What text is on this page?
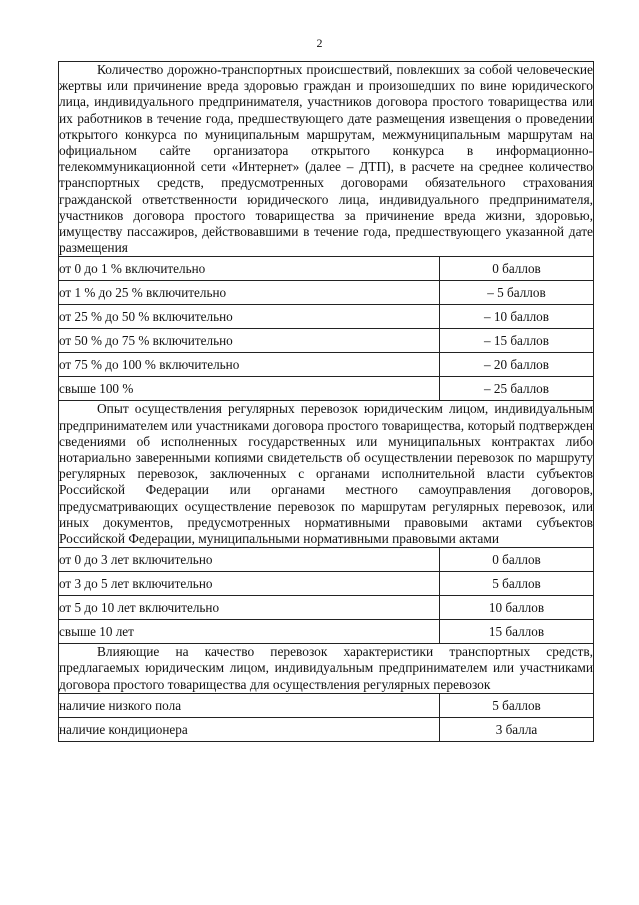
2
Количество дорожно-транспортных происшествий, повлекших за собой человеческие жертвы или причинение вреда здоровью граждан и произошедших по вине юридического лица, индивидуального предпринимателя, участников договора простого товарищества или их работников в течение года, предшествующего дате размещения извещения о проведении открытого конкурса по муниципальным маршрутам, межмуниципальным маршрутам на официальном сайте организатора открытого конкурса в информационно-телекоммуникационной сети «Интернет» (далее – ДТП), в расчете на среднее количество транспортных средств, предусмотренных договорами обязательного страхования гражданской ответственности юридического лица, индивидуального предпринимателя, участников договора простого товарищества за причинение вреда жизни, здоровью, имуществу пассажиров, действовавшими в течение года, предшествующего указанной дате размещения	
от 0 до 1 % включительно	0 баллов
от 1 % до 25 % включительно	– 5 баллов
от 25 % до 50 % включительно	– 10 баллов
от 50 % до 75 % включительно	– 15 баллов
от 75 % до 100 % включительно	– 20 баллов
свыше 100 %	– 25 баллов
Опыт осуществления регулярных перевозок юридическим лицом, индивидуальным предпринимателем или участниками договора простого товарищества, который подтвержден сведениями об исполненных государственных или муниципальных контрактах либо нотариально заверенными копиями свидетельств об осуществлении перевозок по маршруту регулярных перевозок, заключенных с органами исполнительной власти субъектов Российской Федерации или органами местного самоуправления договоров, предусматривающих осуществление перевозок по маршрутам регулярных перевозок, или иных документов, предусмотренных нормативными правовыми актами субъектов Российской Федерации, муниципальными нормативными правовыми актами	
от 0 до 3 лет включительно	0 баллов
от 3 до 5 лет включительно	5 баллов
от 5 до 10 лет включительно	10 баллов
свыше 10 лет	15 баллов
Влияющие на качество перевозок характеристики транспортных средств, предлагаемых юридическим лицом, индивидуальным предпринимателем или участниками договора простого товарищества для осуществления регулярных перевозок	
наличие низкого пола	5 баллов
наличие кондиционера	3 балла
